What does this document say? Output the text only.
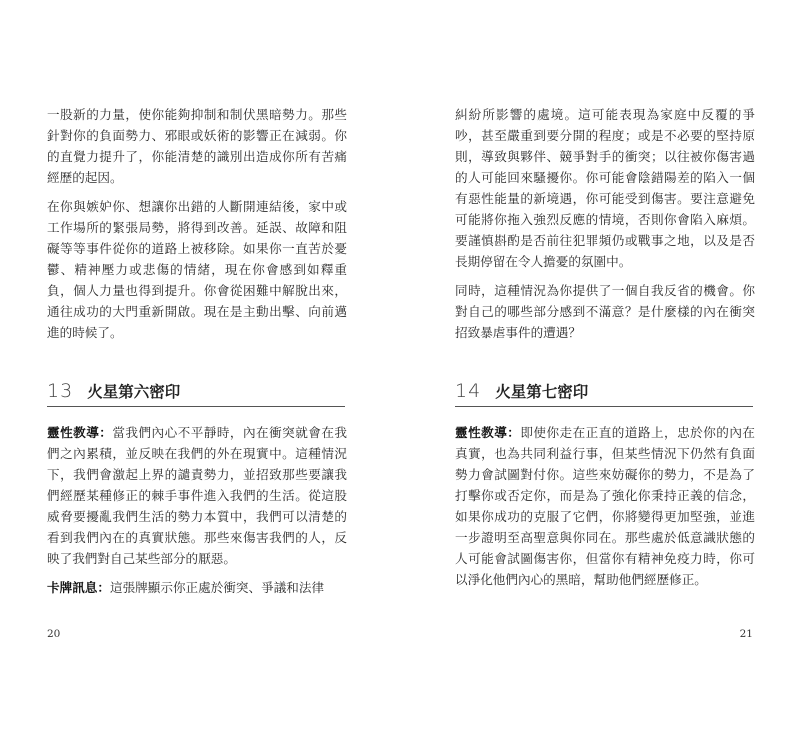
一股新的力量，使你能夠抑制和制伏黑暗勢力。那些針對你的負面勢力、邪眼或妖術的影響正在減弱。你的直覺力提升了，你能清楚的識別出造成你所有苦痛經歷的起因。

在你與嫉妒你、想讓你出錯的人斷開連結後，家中或工作場所的緊張局勢，將得到改善。延誤、故障和阻礙等等事件從你的道路上被移除。如果你一直苦於憂鬱、精神壓力或悲傷的情緒，現在你會感到如釋重負，個人力量也得到提升。你會從困難中解脫出來，通往成功的大門重新開啟。現在是主動出擊、向前邁進的時候了。

13 火星第六密印

靈性教導：當我們內心不平靜時，內在衝突就會在我們之內累積，並反映在我們的外在現實中。這種情況下，我們會激起上界的譴責勢力，並招致那些要讓我們經歷某種修正的棘手事件進入我們的生活。從這股威脅要擾亂我們生活的勢力本質中，我們可以清楚的看到我們內在的真實狀態。那些來傷害我們的人，反映了我們對自己某些部分的厭惡。

卡牌訊息：這張牌顯示你正處於衝突、爭議和法律

20

糾紛所影響的處境。這可能表現為家庭中反覆的爭吵，甚至嚴重到要分開的程度；或是不必要的堅持原則，導致與夥伴、競爭對手的衝突；以往被你傷害過的人可能回來騷擾你。你可能會陰錯陽差的陷入一個有惡性能量的新境遇，你可能受到傷害。要注意避免可能將你拖入強烈反應的情境，否則你會陷入麻煩。要謹慎斟酌是否前往犯罪頻仍或戰事之地，以及是否長期停留在令人擔憂的氛圍中。

同時，這種情況為你提供了一個自我反省的機會。你對自己的哪些部分感到不滿意？是什麼樣的內在衝突招致暴虐事件的遭遇？

14 火星第七密印

靈性教導：即使你走在正直的道路上，忠於你的內在真實，也為共同利益行事，但某些情況下仍然有負面勢力會試圖對付你。這些來妨礙你的勢力，不是為了打擊你或否定你，而是為了強化你秉持正義的信念，如果你成功的克服了它們，你將變得更加堅強，並進一步證明至高聖意與你同在。那些處於低意識狀態的人可能會試圖傷害你，但當你有精神免疫力時，你可以淨化他們內心的黑暗，幫助他們經歷修正。

21
